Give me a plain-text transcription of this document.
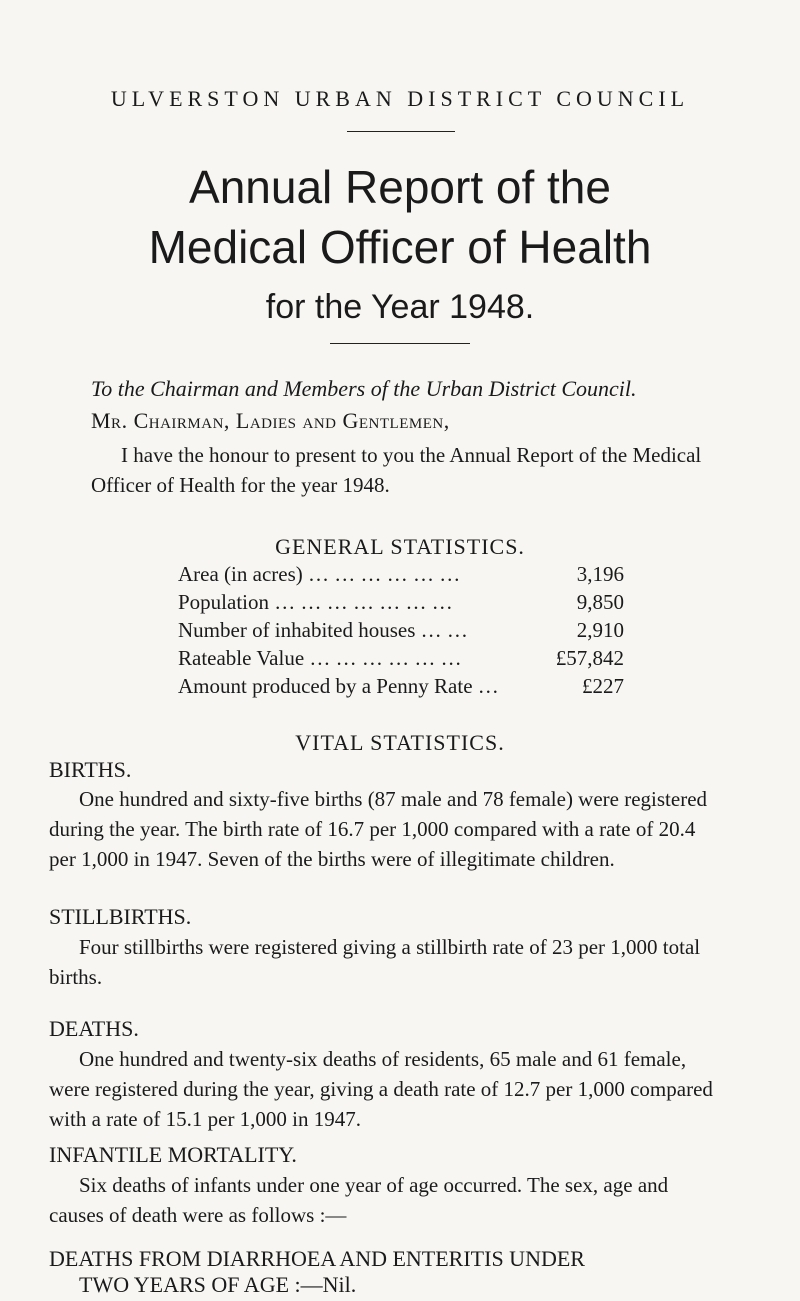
ULVERSTON URBAN DISTRICT COUNCIL
Annual Report of the
Medical Officer of Health
for the Year 1948.
To the Chairman and Members of the Urban District Council.
Mr. Chairman, Ladies and Gentlemen,
I have the honour to present to you the Annual Report of the Medical Officer of Health for the year 1948.
GENERAL STATISTICS.
Area (in acres) … … … … … …	3,196
Population … … … … … … …	9,850
Number of inhabited houses … …	2,910
Rateable Value … … … … … …	£57,842
Amount produced by a Penny Rate …	£227
VITAL STATISTICS.
BIRTHS.
One hundred and sixty-five births (87 male and 78 female) were registered during the year. The birth rate of 16.7 per 1,000 compared with a rate of 20.4 per 1,000 in 1947. Seven of the births were of illegitimate children.
STILLBIRTHS.
Four stillbirths were registered giving a stillbirth rate of 23 per 1,000 total births.
DEATHS.
One hundred and twenty-six deaths of residents, 65 male and 61 female, were registered during the year, giving a death rate of 12.7 per 1,000 compared with a rate of 15.1 per 1,000 in 1947.
INFANTILE MORTALITY.
Six deaths of infants under one year of age occurred. The sex, age and causes of death were as follows :—
DEATHS FROM DIARRHOEA AND ENTERITIS UNDER
TWO YEARS OF AGE :—Nil.
